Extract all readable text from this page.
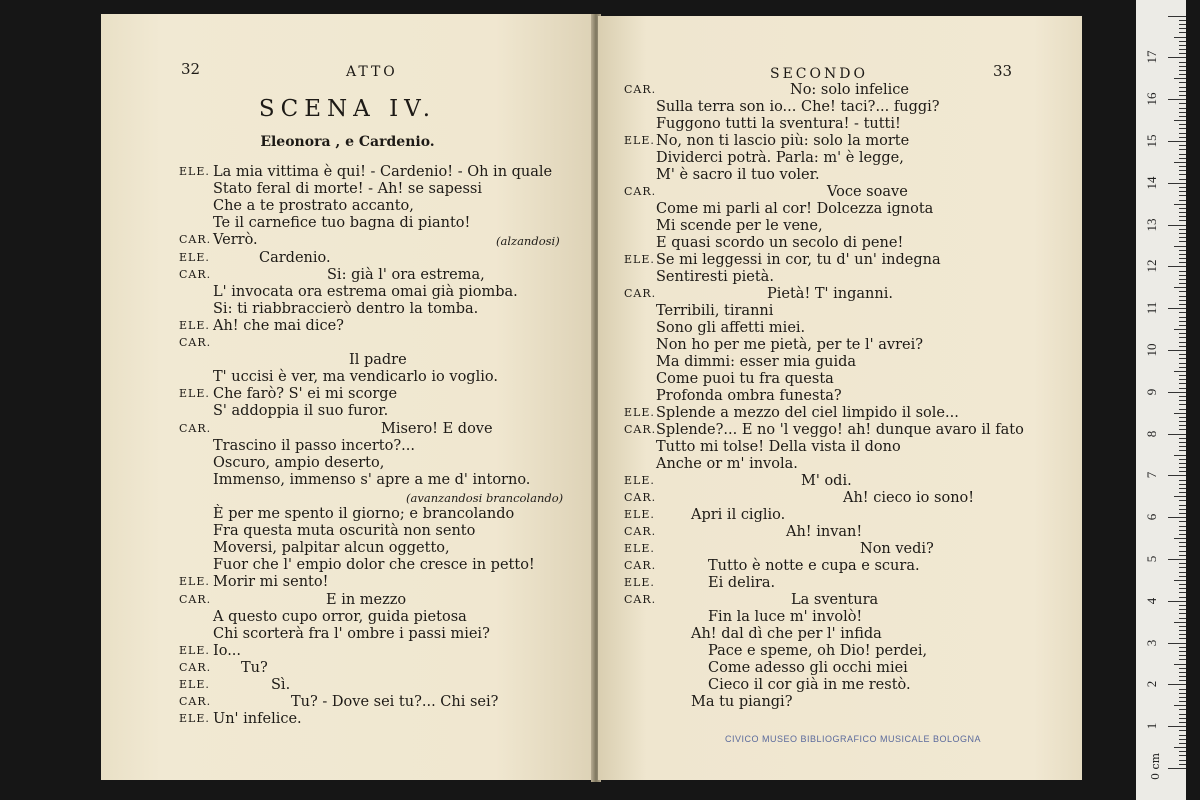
32	ATTO
SCENA IV.
Eleonora , e Cardenio.
ELE. La mia vittima è qui! - Cardenio! - Oh in quale
Stato feral di morte! - Ah! se sapessi
Che a te prostrato accanto,
Te il carnefice tuo bagna di pianto!
CAR. Verrò.	(alzandosi)
ELE.	Cardenio.
CAR.	Si: già l' ora estrema,
L' invocata ora estrema omai già piomba.
Si: ti riabbraccierò dentro la tomba.
ELE. Ah! che mai dice?
CAR.
Il padre
T' uccisi è ver, ma vendicarlo io voglio.
ELE. Che farò? S' ei mi scorge
S' addoppia il suo furor.
CAR.	Misero! E dove
Trascino il passo incerto?...
Oscuro, ampio deserto,
Immenso, immenso s' apre a me d' intorno.
(avanzandosi brancolando)
È per me spento il giorno; e brancolando
Fra questa muta oscurità non sento
Moversi, palpitar alcun oggetto,
Fuor che l' empio dolor che cresce in petto!
ELE. Morir mi sento!
CAR.	E in mezzo
A questo cupo orror, guida pietosa
Chi scorterà fra l' ombre i passi miei?
ELE. Io...
CAR. Tu?
ELE.	Sì.
CAR.	Tu? - Dove sei tu?... Chi sei?
ELE. Un' infelice.
SECONDO	33
CAR.	No: solo infelice
Sulla terra son io... Che! taci?... fuggi?
Fuggono tutti la sventura! - tutti!
ELE. No, non ti lascio più: solo la morte
Dividerci potrà. Parla: m' è legge,
M' è sacro il tuo voler.
CAR.	Voce soave
Come mi parli al cor! Dolcezza ignota
Mi scende per le vene,
E quasi scordo un secolo di pene!
ELE. Se mi leggessi in cor, tu d' un' indegna
Sentiresti pietà.
CAR.	Pietà! T' inganni.
Terribili, tiranni
Sono gli affetti miei.
Non ho per me pietà, per te l' avrei?
Ma dimmi: esser mia guida
Come puoi tu fra questa
Profonda ombra funesta?
ELE. Splende a mezzo del ciel limpido il sole...
CAR. Splende?... E no 'l veggo! ah! dunque avaro il fato
Tutto mi tolse! Della vista il dono
Anche or m' invola.
ELE.	M' odi.
CAR.	Ah! cieco io sono!
ELE. Apri il ciglio.
CAR.	Ah! invan!
ELE.	Non vedi?
CAR.	Tutto è notte e cupa e scura.
ELE.	Ei delira.
CAR.	La sventura
Fin la luce m' involò!
Ah! dal dì che per l' infida
Pace e speme, oh Dio! perdei,
Come adesso gli occhi miei
Cieco il cor già in me restò.
Ma tu piangi?
CIVICO MUSEO BIBLIOGRAFICO MUSICALE BOLOGNA
1
2
3
4
5
6
7
8
9
10
11
12
13
14
15
16
17
0 cm
